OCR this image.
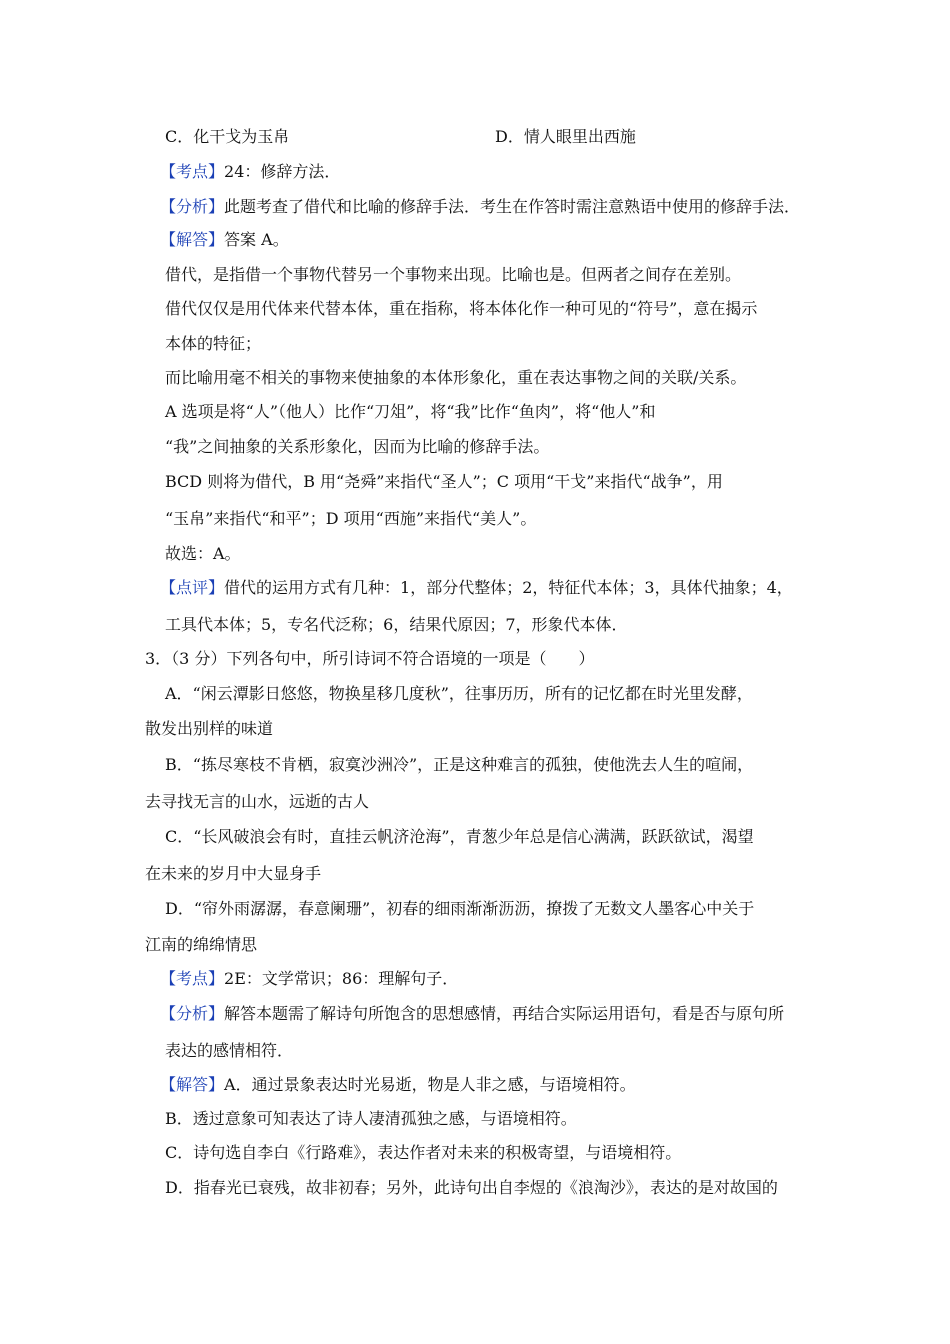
C．化干戈为玉帛	D．情人眼里出西施
【考点】24：修辞方法．
【分析】此题考查了借代和比喻的修辞手法．考生在作答时需注意熟语中使用的修辞手法．
【解答】答案 A。
借代，是指借一个事物代替另一个事物来出现。比喻也是。但两者之间存在差别。
借代仅仅是用代体来代替本体，重在指称，将本体化作一种可见的“符号”，意在揭示
本体的特征；
而比喻用毫不相关的事物来使抽象的本体形象化，重在表达事物之间的关联/关系。
A 选项是将“人”（他人）比作“刀俎”，将“我”比作“鱼肉”，将“他人”和
“我”之间抽象的关系形象化，因而为比喻的修辞手法。
BCD 则将为借代，B 用“尧舜”来指代“圣人”；C 项用“干戈”来指代“战争”，用
“玉帛”来指代“和平”；D 项用“西施”来指代“美人”。
故选：A。
【点评】借代的运用方式有几种：1，部分代整体；2，特征代本体；3，具体代抽象；4，
工具代本体；5，专名代泛称；6，结果代原因；7，形象代本体．
3．（3 分）下列各句中，所引诗词不符合语境的一项是（　　）
A．“闲云潭影日悠悠，物换星移几度秋”，往事历历，所有的记忆都在时光里发酵，
散发出别样的味道
B．“拣尽寒枝不肯栖，寂寞沙洲冷”，正是这种难言的孤独，使他洗去人生的喧闹，
去寻找无言的山水，远逝的古人
C．“长风破浪会有时，直挂云帆济沧海”，青葱少年总是信心满满，跃跃欲试，渴望
在未来的岁月中大显身手
D．“帘外雨潺潺，春意阑珊”，初春的细雨渐渐沥沥，撩拨了无数文人墨客心中关于
江南的绵绵情思
【考点】2E：文学常识；86：理解句子．
【分析】解答本题需了解诗句所饱含的思想感情，再结合实际运用语句，看是否与原句所
表达的感情相符．
【解答】A．通过景象表达时光易逝，物是人非之感，与语境相符。
B．透过意象可知表达了诗人凄清孤独之感，与语境相符。
C．诗句选自李白《行路难》，表达作者对未来的积极寄望，与语境相符。
D．指春光已衰残，故非初春；另外，此诗句出自李煜的《浪淘沙》，表达的是对故国的
